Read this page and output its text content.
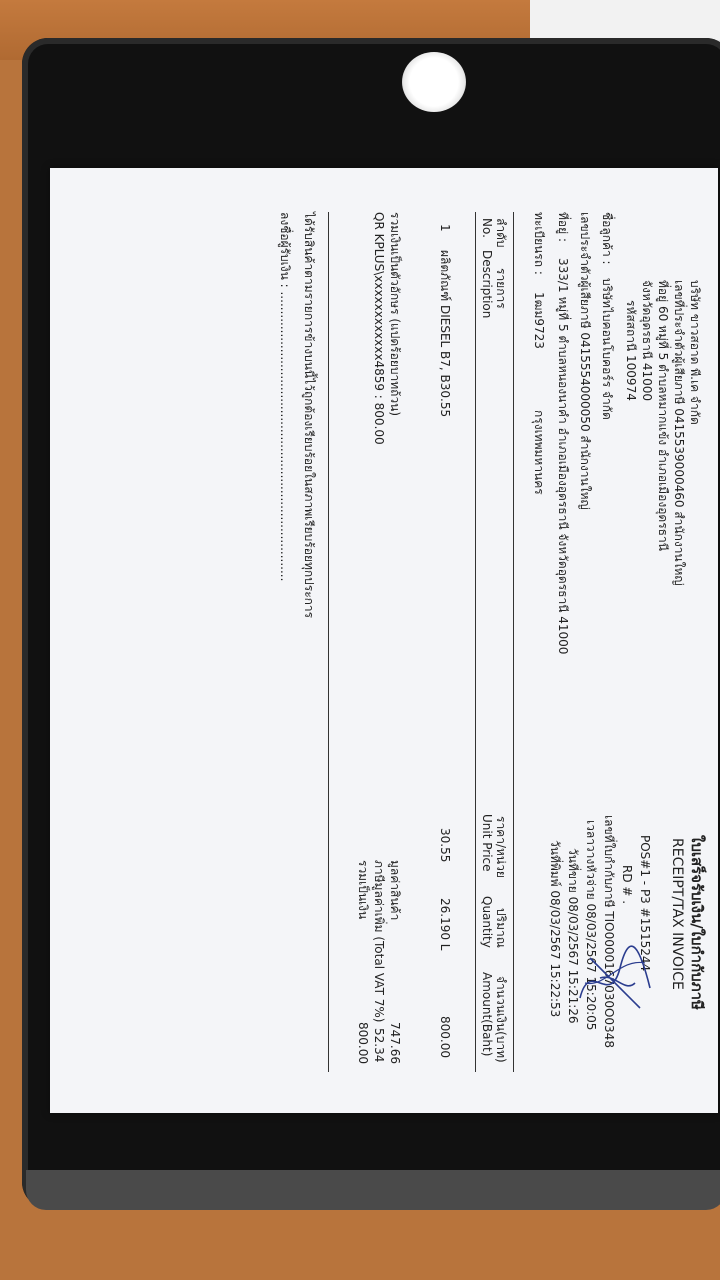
บริษัท ขาวสอาด พี.เค จำกัด
เลขที่ประจำตัวผู้เสียภาษี 0415539000460 สำนักงานใหญ่
ที่อยู่ 60 หมู่ที่ 5 ตำบลหมากแข้ง อำเภอเมืองอุดรธานี
จังหวัดอุดรธานี 41000
รหัสสถานี 100974
ใบเสร็จรับเงิน/ใบกำกับภาษี
RECEIPT/TAX INVOICE
POS#1 - P3 #1515244
RD # .
เลขที่ใบกำกับภาษี TIO0000167030O0348
เวลาวางหัวจ่าย 08/03/2567 15:20:05
วันที่ขาย 08/03/2567 15:21:26
วันที่พิมพ์ 08/03/2567 15:22:53
ชื่อลูกค้า :
บริษัทไบคอนโบคอร์ร จำกัด
เลขประจำตัวผู้เสียภาษี 0415554000050 สำนักงานใหญ่
ที่อยู่ :
333/1 หมู่ที่ 5 ตำบลหนองนาคำ อำเภอเมืองอุดรธานี จังหวัดอุดรธานี 41000
ทะเบียนรถ :
1ฒม9723
กรุงเทพมหานคร
ลำดับ
No.
รายการ
Description
ราคา/หน่วย
Unit Price
ปริมาณ
Quantity
จำนวนเงิน(บาท)
Amount(Baht)
1
ผลิตภัณฑ์ DIESEL B7, B30.55
30.55
26.190 L
800.00
รวมเงินเป็นตัวอักษร (แปดร้อยบาทถ้วน)
QR KPLUS\xxxxxxxxxxxx4859 : 800.00
มูลค่าสินค้า
747.66
ภาษีมูลค่าเพิ่ม (Total VAT 7%)
52.34
รวมเป็นเงิน
800.00
ได้รับสินค้าตามรายการข้างบนนี้ไว้ถูกต้องเรียบร้อยในสภาพเรียบร้อยทุกประการ
ลงชื่อผู้รับเงิน : ............................................................................
